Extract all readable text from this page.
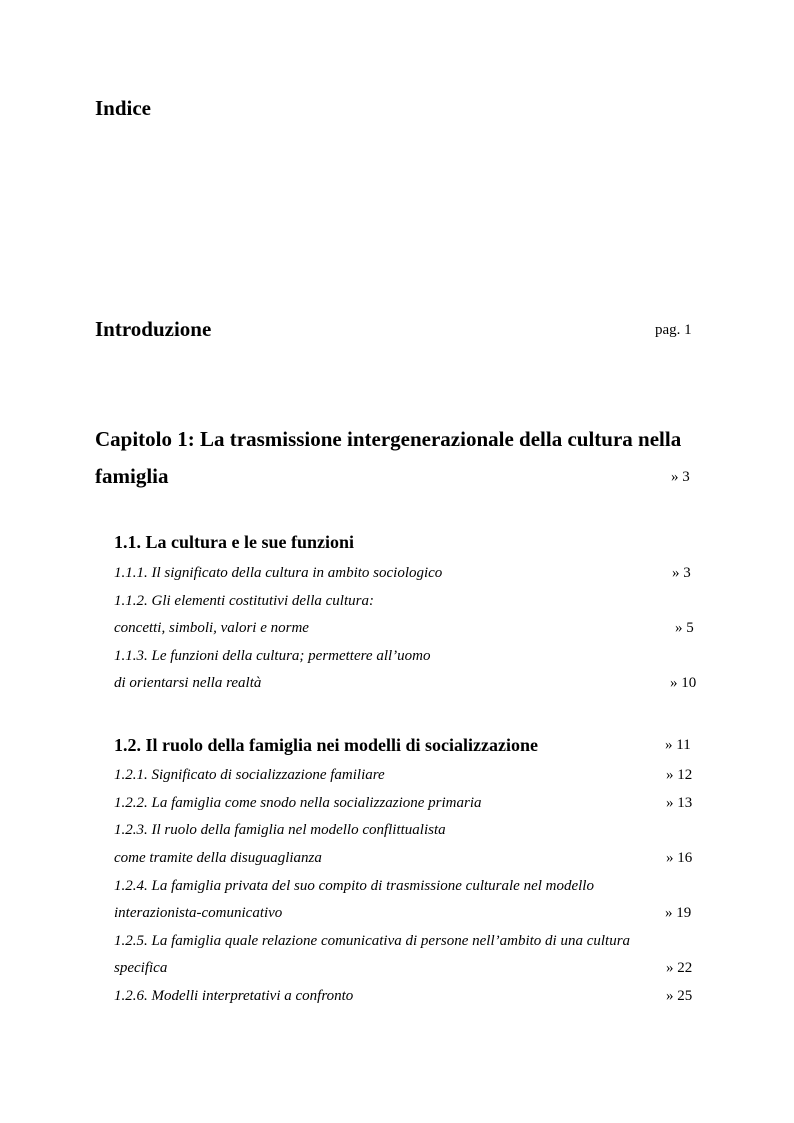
Indice
Introduzione	pag. 1
Capitolo 1: La trasmissione intergenerazionale della cultura nella
famiglia	» 3
1.1. La cultura e le sue funzioni
1.1.1. Il significato della cultura in ambito sociologico	» 3
1.1.2. Gli elementi costitutivi della cultura:
concetti, simboli, valori e norme	» 5
1.1.3. Le funzioni della cultura; permettere all’uomo
di orientarsi nella realtà	» 10
1.2. Il ruolo della famiglia nei modelli di socializzazione	» 11
1.2.1. Significato di socializzazione familiare	» 12
1.2.2. La famiglia come snodo nella socializzazione primaria	» 13
1.2.3. Il ruolo della famiglia nel modello conflittualista
come tramite della disuguaglianza	» 16
1.2.4. La famiglia privata del suo compito di trasmissione culturale nel modello
interazionista-comunicativo	» 19
1.2.5. La famiglia quale relazione comunicativa di persone nell’ambito di una cultura
specifica	» 22
1.2.6. Modelli interpretativi a confronto	» 25
